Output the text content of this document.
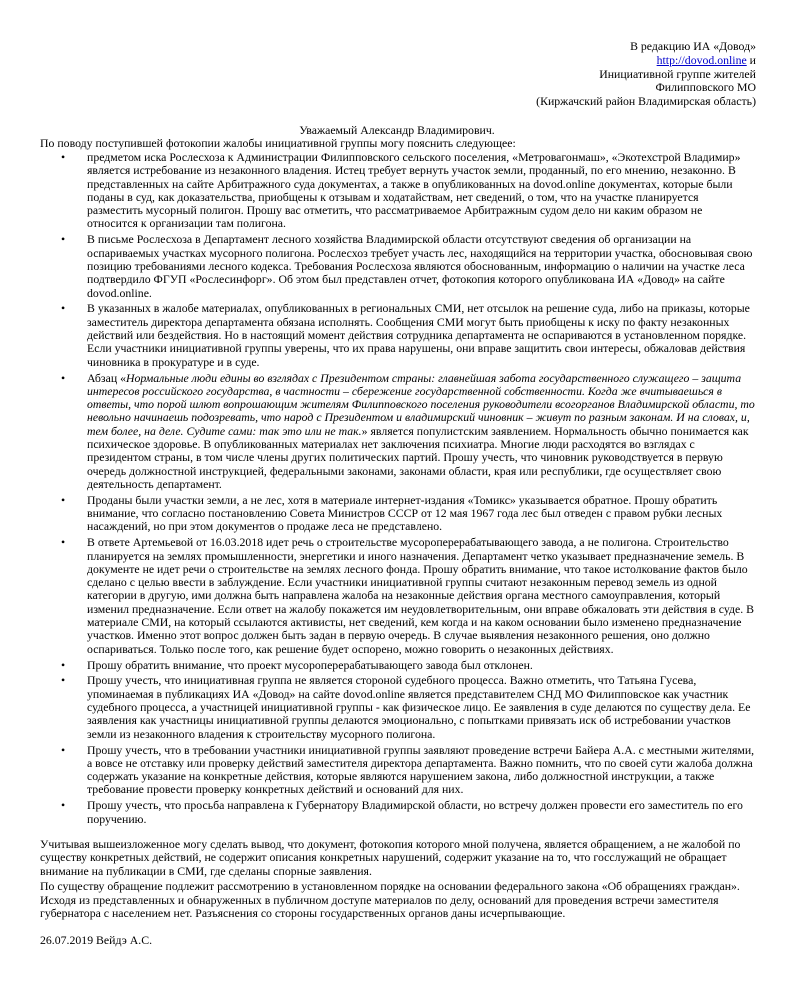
В редакцию ИА «Довод»
http://dovod.online и
Инициативной группе жителей
Филипповского МО
(Киржачский район Владимирская область)
Уважаемый Александр Владимирович.
По поводу поступившей фотокопии жалобы инициативной группы могу пояснить следующее:
• предметом иска Рослесхоза к Администрации Филипповского сельского поселения, «Метровагонмаш», «Экотехстрой Владимир» является истребование из незаконного владения. Истец требует вернуть участок земли, проданный, по его мнению, незаконно. В представленных на сайте Арбитражного суда документах, а также в опубликованных на dovod.online документах, которые были поданы в суд, как доказательства, приобщены к отзывам и ходатайствам, нет сведений, о том, что на участке планируется разместить мусорный полигон. Прошу вас отметить, что рассматриваемое Арбитражным судом дело ни каким образом не относится к организации там полигона.
• В письме Рослесхоза в Департамент лесного хозяйства Владимирской области отсутствуют сведения об организации на оспариваемых участках мусорного полигона. Рослесхоз требует участь лес, находящийся на территории участка, обосновывая свою позицию требованиями лесного кодекса. Требования Рослесхоза являются обоснованным, информацию о наличии на участке леса подтвердило ФГУП «Рослесинфорг». Об этом был представлен отчет, фотокопия которого опубликована ИА «Довод» на сайте dovod.online.
• В указанных в жалобе материалах, опубликованных в региональных СМИ, нет отсылок на решение суда, либо на приказы, которые заместитель директора департамента обязана исполнять. Сообщения СМИ могут быть приобщены к иску по факту незаконных действий или бездействия. Но в настоящий момент действия сотрудника департамента не оспариваются в установленном порядке. Если участники инициативной группы уверены, что их права нарушены, они вправе защитить свои интересы, обжаловав действия чиновника в прокуратуре и в суде.
• Абзац «Нормальные люди едины во взглядах с Президентом страны: главнейшая забота государственного служащего – защита интересов российского государства, в частности – сбережение государственной собственности. Когда же вчитываешься в ответы, что порой шлют вопрошающим жителям Филипповского поселения руководители всогорганов Владимирской области, то невольно начинаешь подозревать, что народ с Президентом и владимирский чиновник – живут по разным законам. И на словах, и, тем более, на деле. Судите сами: так это или не так.» является популистским заявлением. Нормальность обычно понимается как психическое здоровье. В опубликованных материалах нет заключения психиатра. Многие люди расходятся во взглядах с президентом страны, в том числе члены других политических партий. Прошу учесть, что чиновник руководствуется в первую очередь должностной инструкцией, федеральными законами, законами области, края или республики, где осуществляет свою деятельность департамент.
• Проданы были участки земли, а не лес, хотя в материале интернет-издания «Томикс» указывается обратное. Прошу обратить внимание, что согласно постановлению Совета Министров СССР от 12 мая 1967 года лес был отведен с правом рубки лесных насаждений, но при этом документов о продаже леса не представлено.
• В ответе Артемьевой от 16.03.2018 идет речь о строительстве мусороперерабатывающего завода, а не полигона. Строительство планируется на землях промышленности, энергетики и иного назначения. Департамент четко указывает предназначение земель. В документе не идет речи о строительстве на землях лесного фонда. Прошу обратить внимание, что такое истолкование фактов было сделано с целью ввести в заблуждение. Если участники инициативной группы считают незаконным перевод земель из одной категории в другую, ими должна быть направлена жалоба на незаконные действия органа местного самоуправления, который изменил предназначение. Если ответ на жалобу покажется им неудовлетворительным, они вправе обжаловать эти действия в суде. В материале СМИ, на который ссылаются активисты, нет сведений, кем когда и на каком основании было изменено предназначение участков. Именно этот вопрос должен быть задан в первую очередь. В случае выявления незаконного решения, оно должно оспариваться. Только после того, как решение будет оспорено, можно говорить о незаконных действиях.
• Прошу обратить внимание, что проект мусороперерабатывающего завода был отклонен.
• Прошу учесть, что инициативная группа не является стороной судебного процесса. Важно отметить, что Татьяна Гусева, упоминаемая в публикациях ИА «Довод» на сайте dovod.online является представителем СНД МО Филипповское как участник судебного процесса, а участницей инициативной группы - как физическое лицо. Ее заявления в суде делаются по существу дела. Ее заявления как участницы инициативной группы делаются эмоционально, с попытками привязать иск об истребовании участков земли из незаконного владения к строительству мусорного полигона.
• Прошу учесть, что в требовании участники инициативной группы заявляют проведение встречи Байера А.А. с местными жителями, а вовсе не отставку или проверку действий заместителя директора департамента. Важно помнить, что по своей сути жалоба должна содержать указание на конкретные действия, которые являются нарушением закона, либо должностной инструкции, а также требование провести проверку конкретных действий и оснований для них.
• Прошу учесть, что просьба направлена к Губернатору Владимирской области, но встречу должен провести его заместитель по его поручению.
Учитывая вышеизложенное могу сделать вывод, что документ, фотокопия которого мной получена, является обращением, а не жалобой по существу конкретных действий, не содержит описания конкретных нарушений, содержит указание на то, что госслужащий не обращает внимание на публикации в СМИ, где сделаны спорные заявления.
По существу обращение подлежит рассмотрению в установленном порядке на основании федерального закона «Об обращениях граждан».
Исходя из представленных и обнаруженных в публичном доступе материалов по делу, оснований для проведения встречи заместителя губернатора с населением нет. Разъяснения со стороны государственных органов даны исчерпывающие.
26.07.2019 Вейдэ А.С.
